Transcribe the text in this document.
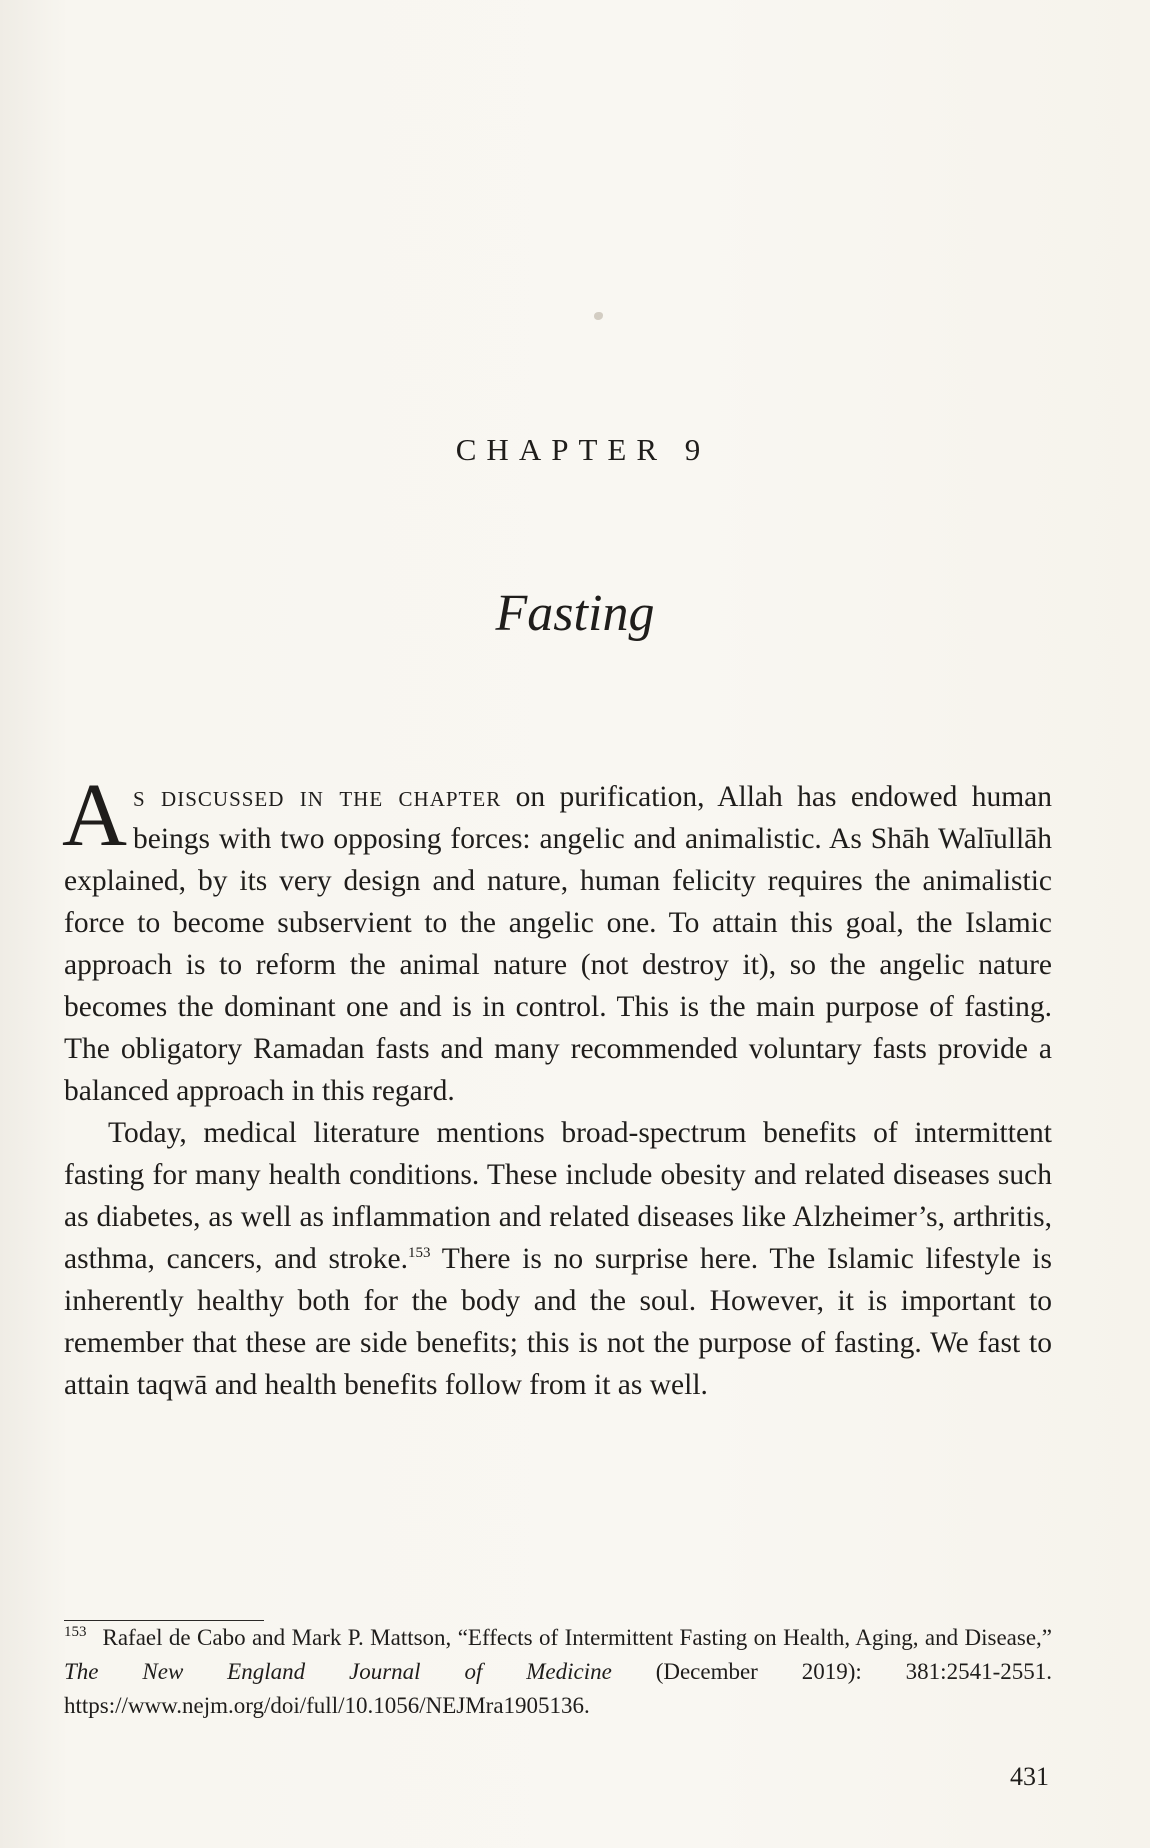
CHAPTER 9
Fasting

As discussed in the chapter on purification, Allah has endowed human beings with two opposing forces: angelic and animalistic. As Shāh Walīullāh explained, by its very design and nature, human felicity requires the animalistic force to become subservient to the angelic one. To attain this goal, the Islamic approach is to reform the animal nature (not destroy it), so the angelic nature becomes the dominant one and is in control. This is the main purpose of fasting. The obligatory Ramadan fasts and many recommended voluntary fasts provide a balanced approach in this regard.

Today, medical literature mentions broad-spectrum benefits of intermittent fasting for many health conditions. These include obesity and related diseases such as diabetes, as well as inflammation and related diseases like Alzheimer’s, arthritis, asthma, cancers, and stroke.$^{153}$ There is no surprise here. The Islamic lifestyle is inherently healthy both for the body and the soul. However, it is important to remember that these are side benefits; this is not the purpose of fasting. We fast to attain taqwā and health benefits follow from it as well.

$^{153}$ Rafael de Cabo and Mark P. Mattson, “Effects of Intermittent Fasting on Health, Aging, and Disease,” The New England Journal of Medicine (December 2019): 381:2541-2551. https://www.nejm.org/doi/full/10.1056/NEJMra1905136.
431
